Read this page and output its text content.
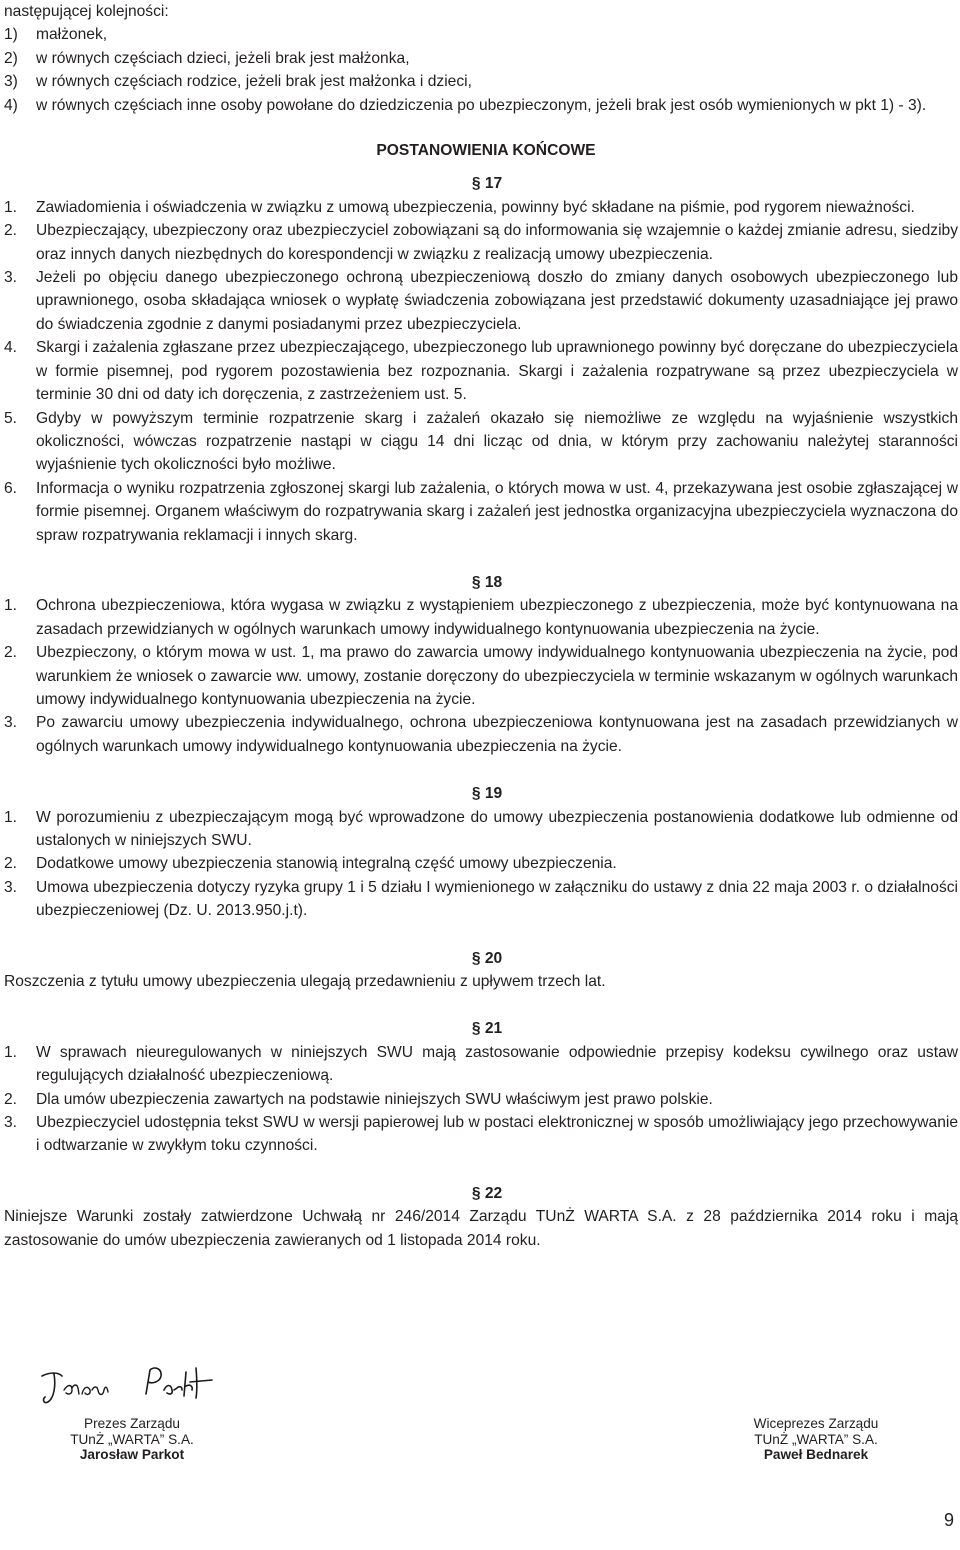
następującej kolejności:

1) małżonek,
2) w równych częściach dzieci, jeżeli brak jest małżonka,
3) w równych częściach rodzice, jeżeli brak jest małżonka i dzieci,
4) w równych częściach inne osoby powołane do dziedziczenia po ubezpieczonym, jeżeli brak jest osób wymienionych w pkt 1) - 3).
POSTANOWIENIA KOŃCOWE
§ 17
1. Zawiadomienia i oświadczenia w związku z umową ubezpieczenia, powinny być składane na piśmie, pod rygorem nieważności.
2. Ubezpieczający, ubezpieczony oraz ubezpieczyciel zobowiązani są do informowania się wzajemnie o każdej zmianie adresu, siedziby oraz innych danych niezbędnych do korespondencji w związku z realizacją umowy ubezpieczenia.
3. Jeżeli po objęciu danego ubezpieczonego ochroną ubezpieczeniową doszło do zmiany danych osobowych ubezpieczonego lub uprawnionego, osoba składająca wniosek o wypłatę świadczenia zobowiązana jest przedstawić dokumenty uzasadniające jej prawo do świadczenia zgodnie z danymi posiadanymi przez ubezpieczyciela.
4. Skargi i zażalenia zgłaszane przez ubezpieczającego, ubezpieczonego lub uprawnionego powinny być doręczane do ubezpieczyciela w formie pisemnej, pod rygorem pozostawienia bez rozpoznania. Skargi i zażalenia rozpatrywane są przez ubezpieczyciela w terminie 30 dni od daty ich doręczenia, z zastrzeżeniem ust. 5.
5. Gdyby w powyższym terminie rozpatrzenie skarg i zażaleń okazało się niemożliwe ze względu na wyjaśnienie wszystkich okoliczności, wówczas rozpatrzenie nastąpi w ciągu 14 dni licząc od dnia, w którym przy zachowaniu należytej staranności wyjaśnienie tych okoliczności było możliwe.
6. Informacja o wyniku rozpatrzenia zgłoszonej skargi lub zażalenia, o których mowa w ust. 4, przekazywana jest osobie zgłaszającej w formie pisemnej. Organem właściwym do rozpatrywania skarg i zażaleń jest jednostka organizacyjna ubezpieczyciela wyznaczona do spraw rozpatrywania reklamacji i innych skarg.
§ 18
1. Ochrona ubezpieczeniowa, która wygasa w związku z wystąpieniem ubezpieczonego z ubezpieczenia, może być kontynuowana na zasadach przewidzianych w ogólnych warunkach umowy indywidualnego kontynuowania ubezpieczenia na życie.
2. Ubezpieczony, o którym mowa w ust. 1, ma prawo do zawarcia umowy indywidualnego kontynuowania ubezpieczenia na życie, pod warunkiem że wniosek o zawarcie ww. umowy, zostanie doręczony do ubezpieczyciela w terminie wskazanym w ogólnych warunkach umowy indywidualnego kontynuowania ubezpieczenia na życie.
3. Po zawarciu umowy ubezpieczenia indywidualnego, ochrona ubezpieczeniowa kontynuowana jest na zasadach przewidzianych w ogólnych warunkach umowy indywidualnego kontynuowania ubezpieczenia na życie.
§ 19
1. W porozumieniu z ubezpieczającym mogą być wprowadzone do umowy ubezpieczenia postanowienia dodatkowe lub odmienne od ustalonych w niniejszych SWU.
2. Dodatkowe umowy ubezpieczenia stanowią integralną część umowy ubezpieczenia.
3. Umowa ubezpieczenia dotyczy ryzyka grupy 1 i 5 działu I wymienionego w załączniku do ustawy z dnia 22 maja 2003 r. o działalności ubezpieczeniowej (Dz. U. 2013.950.j.t).
§ 20

Roszczenia z tytułu umowy ubezpieczenia ulegają przedawnieniu z upływem trzech lat.

§ 21
1. W sprawach nieuregulowanych w niniejszych SWU mają zastosowanie odpowiednie przepisy kodeksu cywilnego oraz ustaw regulujących działalność ubezpieczeniową.
2. Dla umów ubezpieczenia zawartych na podstawie niniejszych SWU właściwym jest prawo polskie.
3. Ubezpieczyciel udostępnia tekst SWU w wersji papierowej lub w postaci elektronicznej w sposób umożliwiający jego przechowywanie i odtwarzanie w zwykłym toku czynności.
§ 22

Niniejsze Warunki zostały zatwierdzone Uchwałą nr 246/2014 Zarządu TUnŻ WARTA S.A. z 28 października 2014 roku i mają zastosowanie do umów ubezpieczenia zawieranych od 1 listopada 2014 roku.

Prezes Zarządu
TUnŻ „WARTA” S.A.
Jarosław Parkot
Wiceprezes Zarządu
TUnŻ „WARTA” S.A.
Paweł Bednarek
9
